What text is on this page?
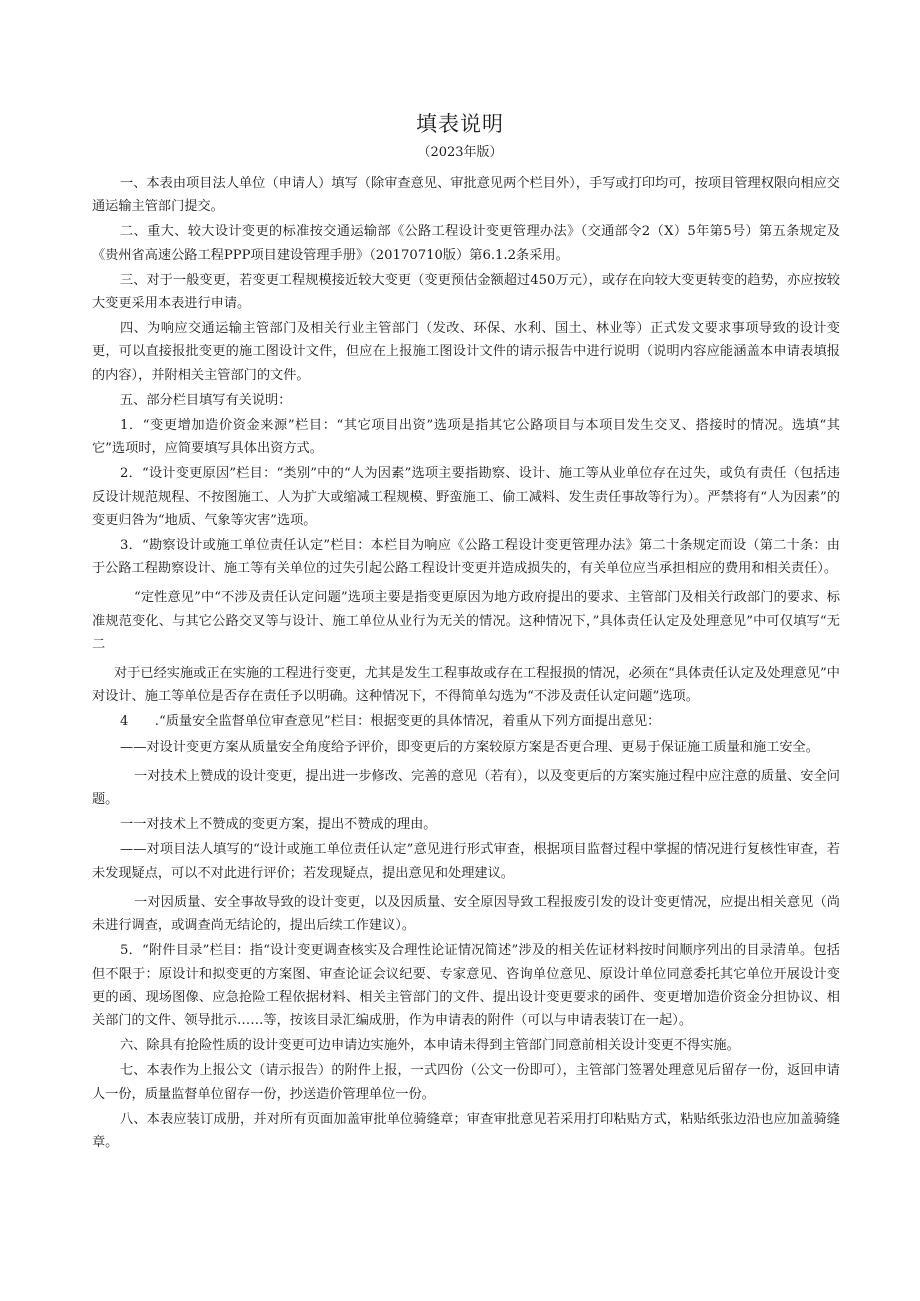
填表说明
（2023年版）

一、本表由项目法人单位（申请人）填写（除审查意见、审批意见两个栏目外），手写或打印均可，按项目管理权限向相应交通运输主管部门提交。

二、重大、较大设计变更的标准按交通运输部《公路工程设计变更管理办法》（交通部令2（X）5年第5号）第五条规定及《贵州省高速公路工程PPP项目建设管理手册》（20170710版）第6.1.2条采用。

三、对于一般变更，若变更工程规模接近较大变更（变更预估金额超过450万元），或存在向较大变更转变的趋势，亦应按较大变更采用本表进行申请。

四、为响应交通运输主管部门及相关行业主管部门（发改、环保、水利、国土、林业等）正式发文要求事项导致的设计变更，可以直接报批变更的施工图设计文件，但应在上报施工图设计文件的请示报告中进行说明（说明内容应能涵盖本申请表填报的内容），并附相关主管部门的文件。

五、部分栏目填写有关说明：

1．“变更增加造价资金来源”栏目：“其它项目出资”选项是指其它公路项目与本项目发生交叉、搭接时的情况。选填“其它”选项时，应简要填写具体出资方式。

2．“设计变更原因”栏目：“类别”中的“人为因素”选项主要指勘察、设计、施工等从业单位存在过失，或负有责任（包括违反设计规范规程、不按图施工、人为扩大或缩减工程规模、野蛮施工、偷工减料、发生责任事故等行为）。严禁将有“人为因素”的变更归咎为“地质、气象等灾害”选项。

3．“勘察设计或施工单位责任认定”栏目：本栏目为响应《公路工程设计变更管理办法》第二十条规定而设（第二十条：由于公路工程勘察设计、施工等有关单位的过失引起公路工程设计变更并造成损失的，有关单位应当承担相应的费用和相关责任）。

“定性意见”中“不涉及责任认定问题”选项主要是指变更原因为地方政府提出的要求、主管部门及相关行政部门的要求、标准规范变化、与其它公路交叉等与设计、施工单位从业行为无关的情况。这种情况下，”具体责任认定及处理意见”中可仅填写“无二

对于已经实施或正在实施的工程进行变更，尤其是发生工程事故或存在工程报损的情况，必须在“具体责任认定及处理意见”中对设计、施工等单位是否存在责任予以明确。这种情况下，不得简单勾选为“不涉及责任认定问题”选项。

4　　.“质量安全监督单位审查意见”栏目：根据变更的具体情况，着重从下列方面提出意见：

——对设计变更方案从质量安全角度给予评价，即变更后的方案较原方案是否更合理、更易于保证施工质量和施工安全。

一对技术上赞成的设计变更，提出进一步修改、完善的意见（若有），以及变更后的方案实施过程中应注意的质量、安全问题。

一一对技术上不赞成的变更方案，提出不赞成的理由。

——对项目法人填写的“设计或施工单位责任认定”意见进行形式审查，根据项目监督过程中掌握的情况进行复核性审查，若未发现疑点，可以不对此进行评价；若发现疑点，提出意见和处理建议。

一对因质量、安全事故导致的设计变更，以及因质量、安全原因导致工程报废引发的设计变更情况，应提出相关意见（尚未进行调查，或调查尚无结论的，提出后续工作建议）。

5．“附件目录”栏目：指“设计变更调查核实及合理性论证情况简述”涉及的相关佐证材料按时间顺序列出的目录清单。包括但不限于：原设计和拟变更的方案图、审查论证会议纪要、专家意见、咨询单位意见、原设计单位同意委托其它单位开展设计变更的函、现场图像、应急抢险工程依据材料、相关主管部门的文件、提出设计变更要求的函件、变更增加造价资金分担协议、相关部门的文件、领导批示……等，按该目录汇编成册，作为申请表的附件（可以与申请表装订在一起）。

六、除具有抢险性质的设计变更可边申请边实施外，本申请未得到主管部门同意前相关设计变更不得实施。

七、本表作为上报公文（请示报告）的附件上报，一式四份（公文一份即可），主管部门签署处理意见后留存一份，返回申请人一份，质量监督单位留存一份，抄送造价管理单位一份。

八、本表应装订成册，并对所有页面加盖审批单位骑缝章；审查审批意见若采用打印粘贴方式，粘贴纸张边沿也应加盖骑缝章。
